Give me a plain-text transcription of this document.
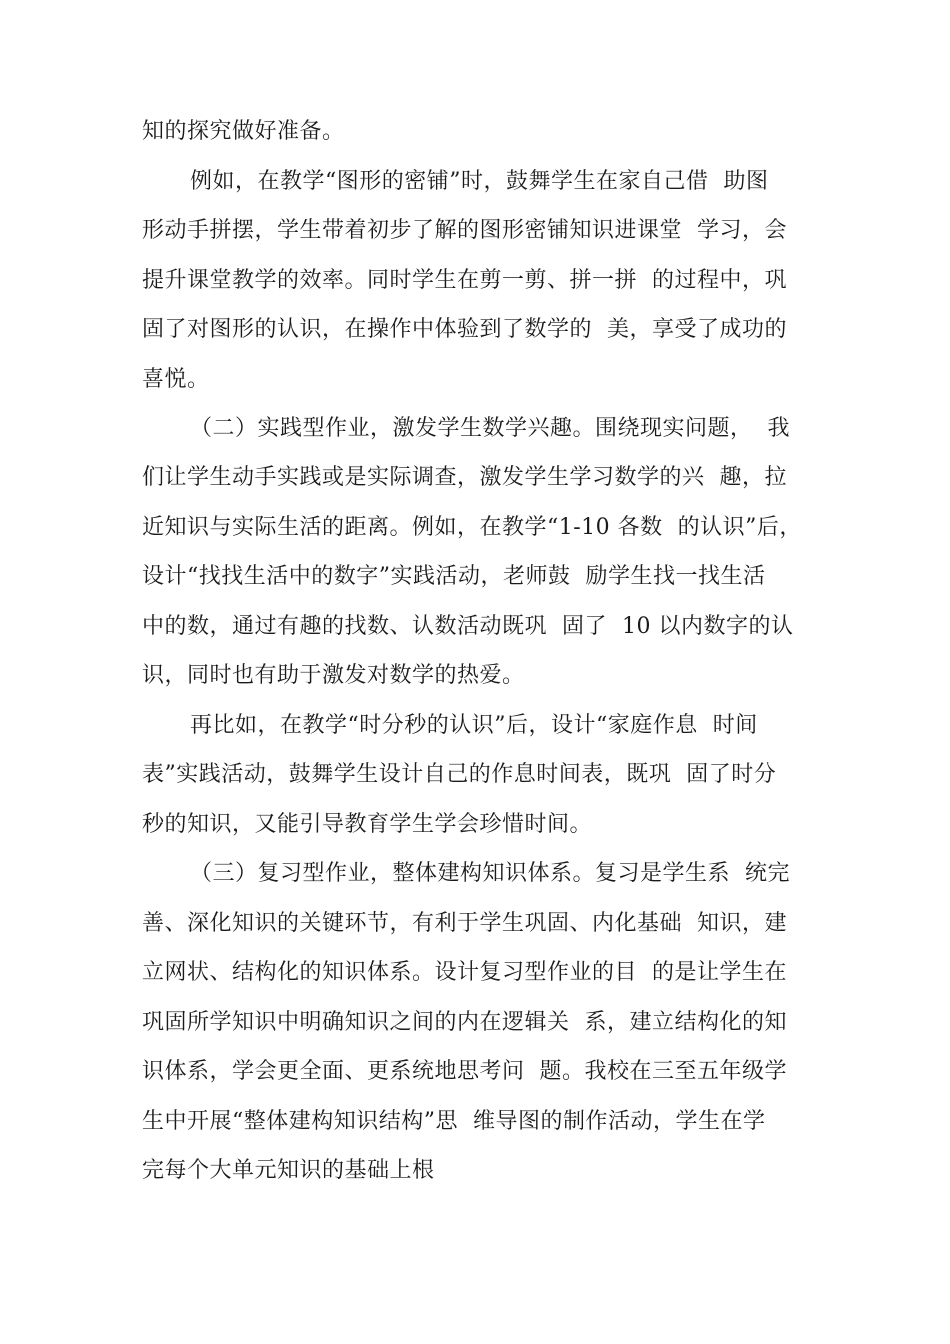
知的探究做好准备。
例如，在教学“图形的密铺”时，鼓舞学生在家自己借  助图
形动手拼摆，学生带着初步了解的图形密铺知识进课堂  学习，会
提升课堂教学的效率。同时学生在剪一剪、拼一拼  的过程中，巩
固了对图形的认识，在操作中体验到了数学的  美，享受了成功的
喜悦。
（二）实践型作业，激发学生数学兴趣。围绕现实问题，  我
们让学生动手实践或是实际调查，激发学生学习数学的兴  趣，拉
近知识与实际生活的距离。例如，在教学“1-10 各数  的认识”后，
设计“找找生活中的数字”实践活动，老师鼓  励学生找一找生活
中的数，通过有趣的找数、认数活动既巩  固了  10 以内数字的认
识，同时也有助于激发对数学的热爱。
再比如，在教学“时分秒的认识”后，设计“家庭作息  时间
表”实践活动，鼓舞学生设计自己的作息时间表，既巩  固了时分
秒的知识，又能引导教育学生学会珍惜时间。
（三）复习型作业，整体建构知识体系。复习是学生系  统完
善、深化知识的关键环节，有利于学生巩固、内化基础  知识，建
立网状、结构化的知识体系。设计复习型作业的目  的是让学生在
巩固所学知识中明确知识之间的内在逻辑关  系，建立结构化的知
识体系，学会更全面、更系统地思考问  题。我校在三至五年级学
生中开展“整体建构知识结构”思  维导图的制作活动，学生在学
完每个大单元知识的基础上根
